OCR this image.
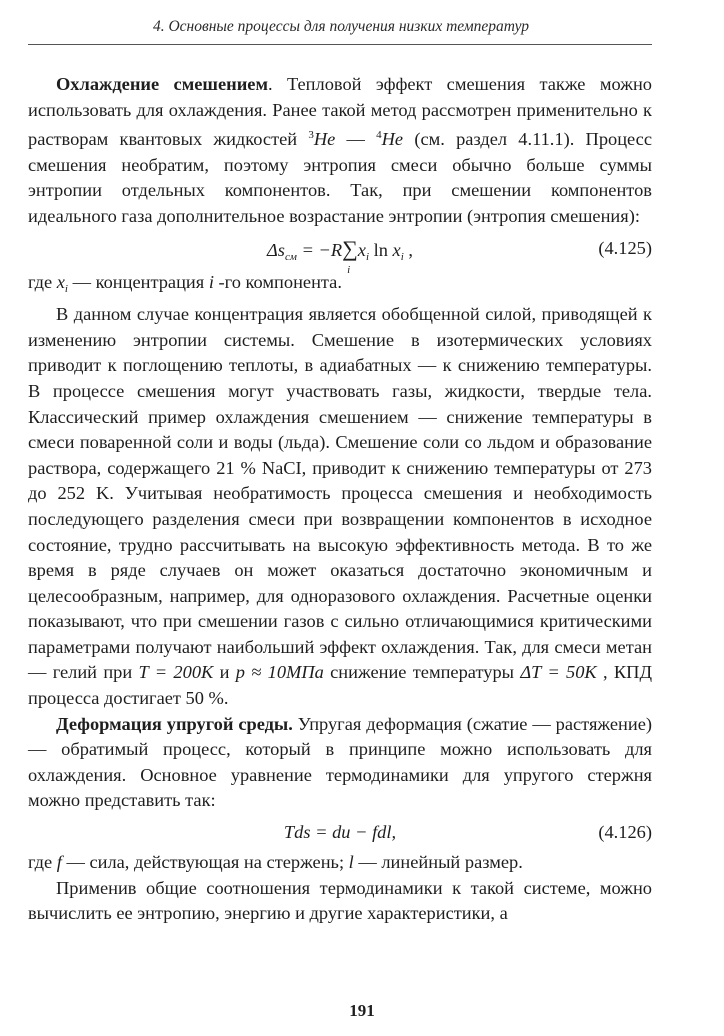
4. Основные процессы для получения низких температур

Охлаждение смешением. Тепловой эффект смешения также можно использовать для охлаждения. Ранее такой метод рассмотрен применительно к растворам квантовых жидкостей $^3$He — $^4$He (см. раздел 4.11.1). Процесс смешения необратим, поэтому энтропия смеси обычно больше суммы энтропии отдельных компонентов. Так, при смешении компонентов идеального газа дополнительное возрастание энтропии (энтропия смешения):

$\Delta s_{см} = -R\sum$
i
$x_i$ $\ln x_i$ ,	(4.125)

где $x_i$ — концентрация i -го компонента.

В данном случае концентрация является обобщенной силой, приводящей к изменению энтропии системы. Смешение в изотермических условиях приводит к поглощению теплоты, в адиабатных — к снижению температуры. В процессе смешения могут участвовать газы, жидкости, твердые тела. Классический пример охлаждения смешением — снижение температуры в смеси поваренной соли и воды (льда). Смешение соли со льдом и образование раствора, содержащего 21 % NaCI, приводит к снижению температуры от 273 до 252 K. Учитывая необратимость процесса смешения и необходимость последующего разделения смеси при возвращении компонентов в исходное состояние, трудно рассчитывать на высокую эффективность метода. В то же время в ряде случаев он может оказаться достаточно экономичным и целесообразным, например, для одноразового охлаждения. Расчетные оценки показывают, что при смешении газов с сильно отличающимися критическими параметрами получают наибольший эффект охлаждения. Так, для смеси метан — гелий при T = 200K и p ≈ 10МПа снижение температуры ΔT = 50K , КПД процесса достигает 50 %.

Деформация упругой среды. Упругая деформация (сжатие — растяжение) — обратимый процесс, который в принципе можно использовать для охлаждения. Основное уравнение термодинамики для упругого стержня можно представить так:

Tds = du − fdl,	(4.126)

где f — сила, действующая на стержень; l — линейный размер.

Применив общие соотношения термодинамики к такой системе, можно вычислить ее энтропию, энергию и другие характеристики, а

191
